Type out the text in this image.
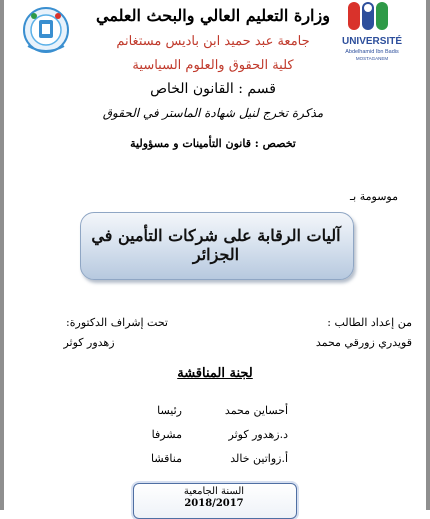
UNIVERSITÉ
Abdelhamid Ibn Badis
MOSTAGANEM
وزارة التعليم العالي والبحث العلمي
جامعة عبد حميد ابن باديس مستغانم
كلية الحقوق والعلوم السياسية
قسم : القانون الخاص
مذكرة تخرج لنيل شهادة الماستر في الحقوق
تخصص : قانون التأمينات و مسؤولية
موسومة بـ
آليات الرقابة على شركات التأمين في الجزائر
من إعداد الطالب :
قويدري زورقي محمد
تحت إشراف الدكتورة:
زهدور كوثر
لجنة المناقشة
أحساين محمد
رئيسا
د.زهدور كوثر
مشرفا
أ.زواتين خالد
مناقشا
السنة الجامعية
2018/2017
